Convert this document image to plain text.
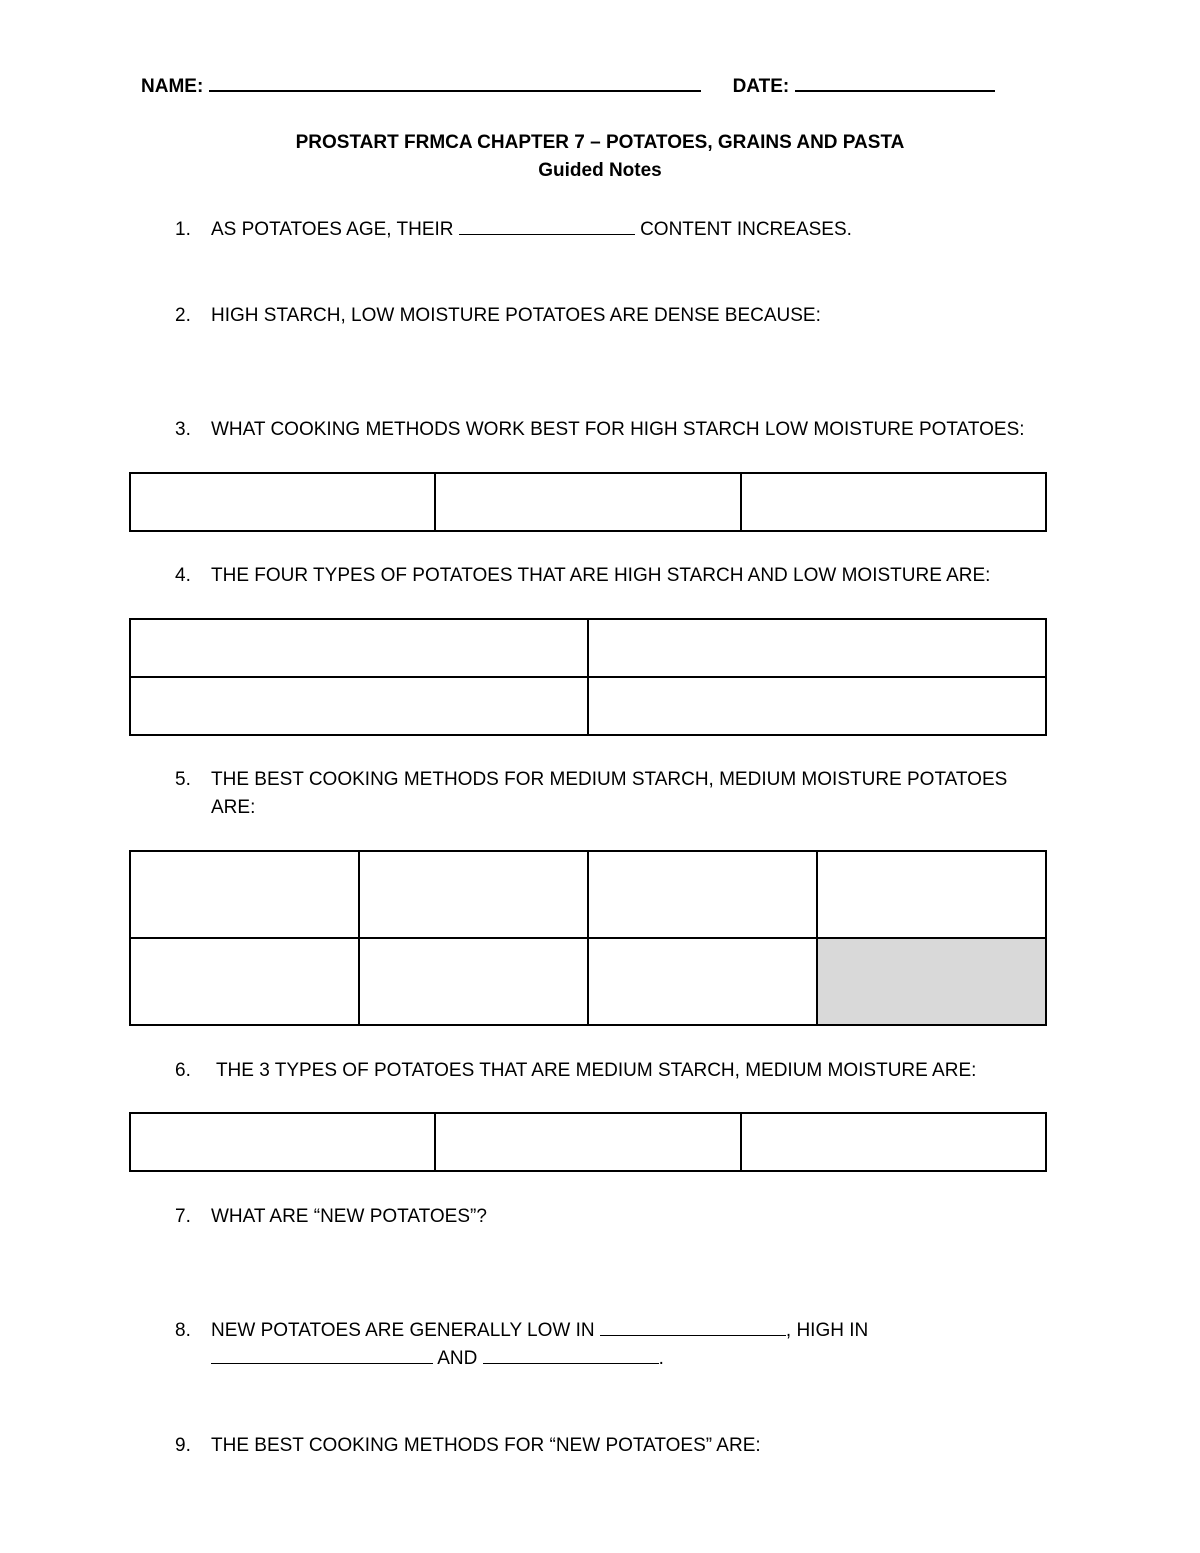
NAME:	DATE:
PROSTART FRMCA CHAPTER 7 – POTATOES, GRAINS AND PASTA
Guided Notes
1. AS POTATOES AGE, THEIR	CONTENT INCREASES.
2. HIGH STARCH, LOW MOISTURE POTATOES ARE DENSE BECAUSE:
3. WHAT COOKING METHODS WORK BEST FOR HIGH STARCH LOW MOISTURE POTATOES:

4. THE FOUR TYPES OF POTATOES THAT ARE HIGH STARCH AND LOW MOISTURE ARE:

5. THE BEST COOKING METHODS FOR MEDIUM STARCH, MEDIUM MOISTURE POTATOES
ARE:

6. THE 3 TYPES OF POTATOES THAT ARE MEDIUM STARCH, MEDIUM MOISTURE ARE:

7. WHAT ARE “NEW POTATOES”?
8. NEW POTATOES ARE GENERALLY LOW IN	, HIGH IN
AND	.
9. THE BEST COOKING METHODS FOR “NEW POTATOES” ARE:
